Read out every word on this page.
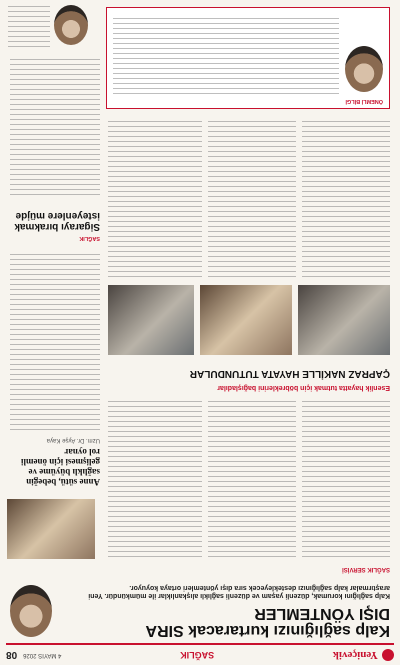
Yeniçevik
SAĞLIK
4 MAYIS 2026
08
Kalp sağlığınızı kurtaracak SIRA DIŞI YÖNTEMLER
Kalp sağlığını korumak, düzenli yaşam ve düzenli sağlıklı alışkanlıklar ile mümkündür. Yeni araştırmalar kalp sağlığınızı destekleyecek sıra dışı yöntemleri ortaya koyuyor.
SAĞLIK SERVİSİ
Anne sütü, bebeğin sağlıklı büyüme ve gelişmesi için önemli rol oynar
Uzm. Dr. Ayşe Kaya
Esenlik hayatta tutmak için böbreklerini bağışladılar
ÇAPRAZ NAKİLLE HAYATA TUTUNDULAR
SAĞLIK
Sigarayı bırakmak isteyenlere müjde
ÖNEMLİ BİLGİ
